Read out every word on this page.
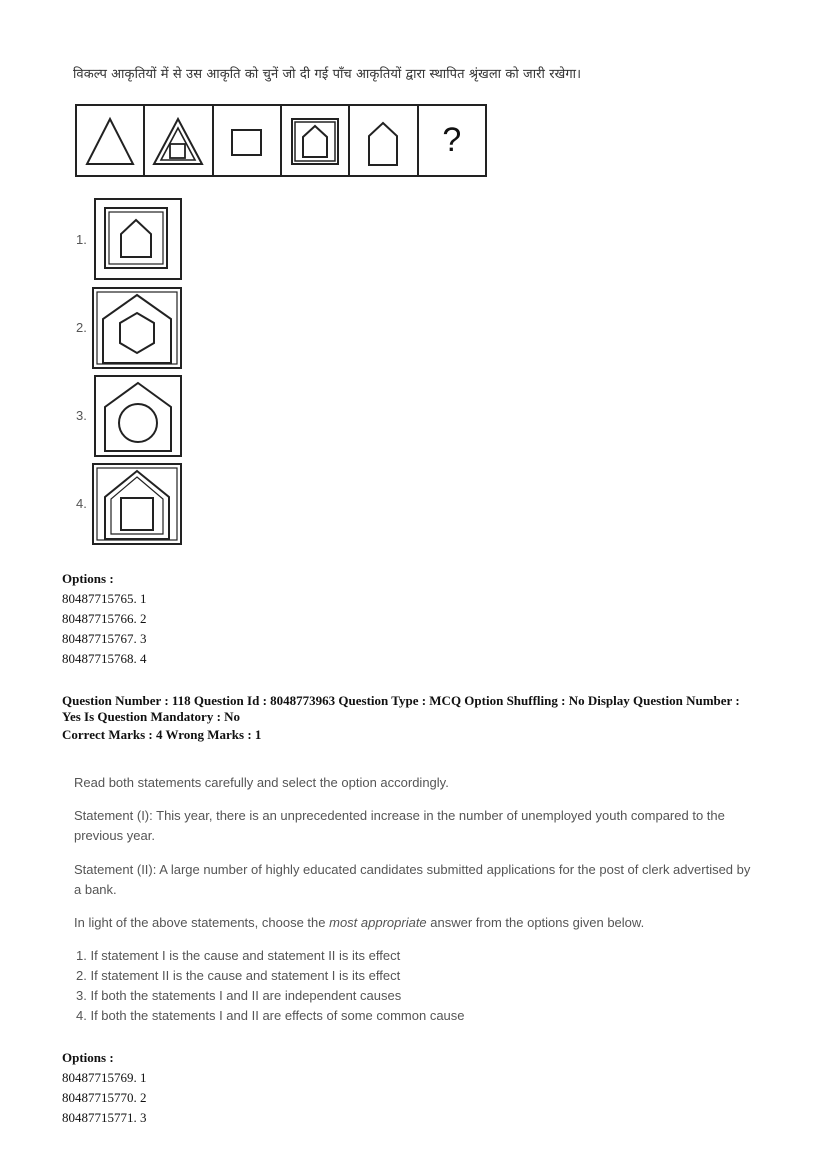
विकल्प आकृतियों में से उस आकृति को चुनें जो दी गई पाँच आकृतियों द्वारा स्थापित श्रृंखला को जारी रखेगा।
?
1.
2.
3.
4.
Options :
80487715765. 1
80487715766. 2
80487715767. 3
80487715768. 4
Question Number : 118 Question Id : 8048773963 Question Type : MCQ Option Shuffling : No Display Question Number :
Yes Is Question Mandatory : No
Correct Marks : 4 Wrong Marks : 1
Read both statements carefully and select the option accordingly.
Statement (I): This year, there is an unprecedented increase in the number of unemployed youth compared to the
previous year.
Statement (II): A large number of highly educated candidates submitted applications for the post of clerk advertised by
a bank.
In light of the above statements, choose the most appropriate answer from the options given below.
1. If statement I is the cause and statement II is its effect
2. If statement II is the cause and statement I is its effect
3. If both the statements I and II are independent causes
4. If both the statements I and II are effects of some common cause
Options :
80487715769. 1
80487715770. 2
80487715771. 3
